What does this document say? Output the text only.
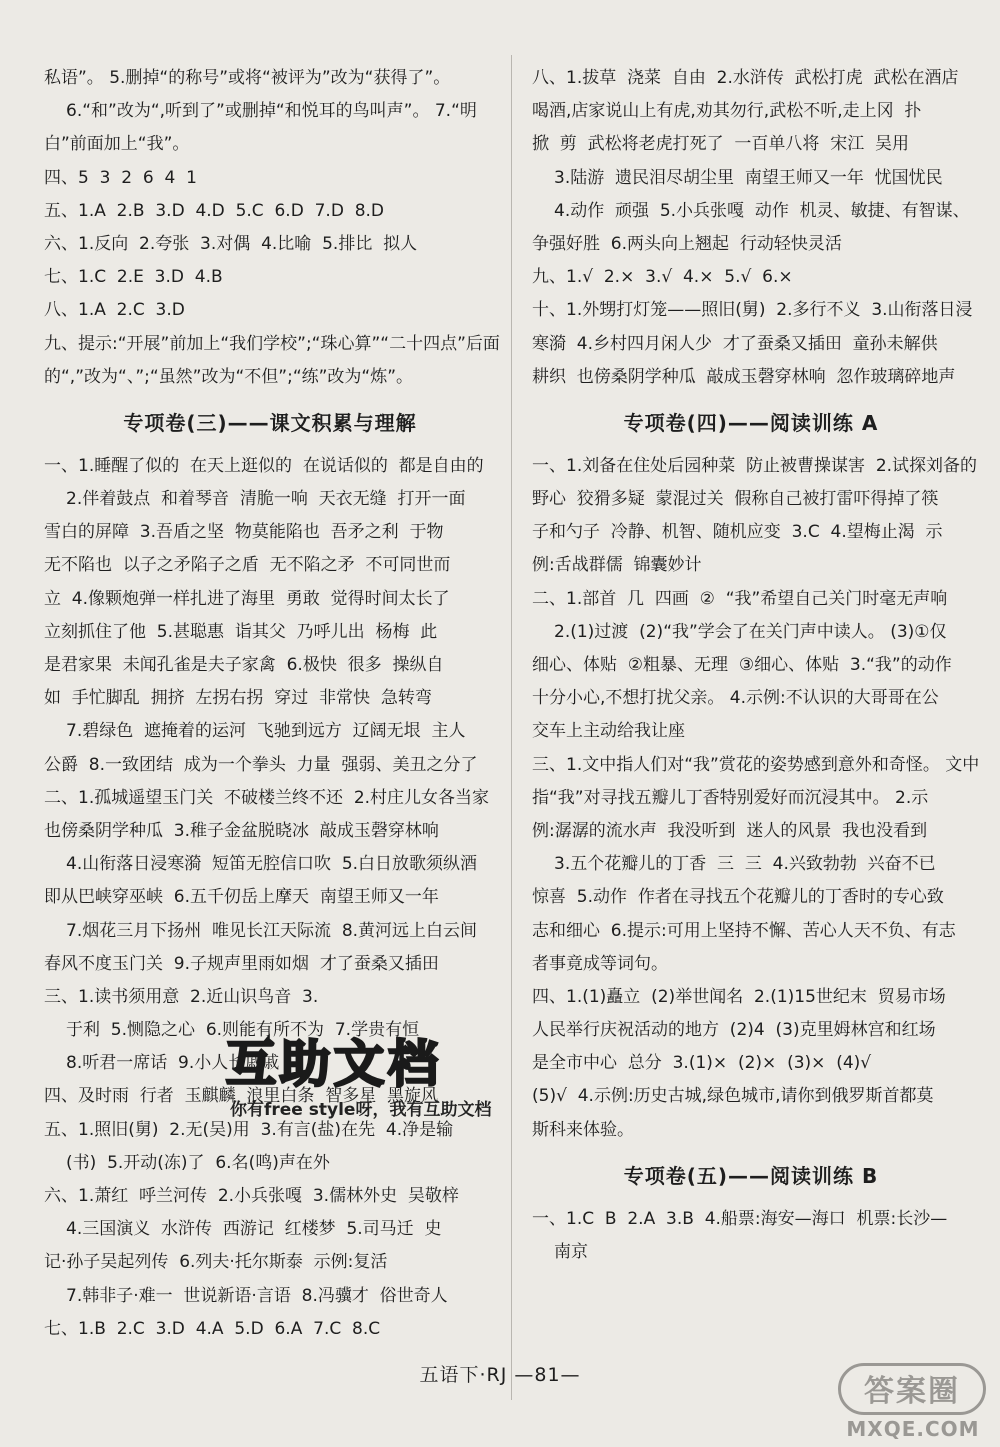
私语”。 5.删掉“的称号”或将“被评为”改为“获得了”。
6.“和”改为“,听到了”或删掉“和悦耳的鸟叫声”。 7.“明
白”前面加上“我”。
四、5  3  2  6  4  1
五、1.A  2.B  3.D  4.D  5.C  6.D  7.D  8.D
六、1.反向  2.夸张  3.对偶  4.比喻  5.排比  拟人
七、1.C  2.E  3.D  4.B
八、1.A  2.C  3.D
九、提示:“开展”前加上“我们学校”;“珠心算”“二十四点”后面
的“,”改为“、”;“虽然”改为“不但”;“练”改为“炼”。
专项卷(三)——课文积累与理解
一、1.睡醒了似的  在天上逛似的  在说话似的  都是自由的
2.伴着鼓点  和着琴音  清脆一响  天衣无缝  打开一面
雪白的屏障  3.吾盾之坚  物莫能陷也  吾矛之利  于物
无不陷也  以子之矛陷子之盾  无不陷之矛  不可同世而
立  4.像颗炮弹一样扎进了海里  勇敢  觉得时间太长了
立刻抓住了他  5.甚聪惠  诣其父  乃呼儿出  杨梅  此
是君家果  未闻孔雀是夫子家禽  6.极快  很多  操纵自
如  手忙脚乱  拥挤  左拐右拐  穿过  非常快  急转弯
7.碧绿色  遮掩着的运河  飞驰到远方  辽阔无垠  主人
公爵  8.一致团结  成为一个拳头  力量  强弱、美丑之分了
二、1.孤城遥望玉门关  不破楼兰终不还  2.村庄儿女各当家
也傍桑阴学种瓜  3.稚子金盆脱晓冰  敲成玉磬穿林响
4.山衔落日浸寒漪  短笛无腔信口吹  5.白日放歌须纵酒
即从巴峡穿巫峡  6.五千仞岳上摩天  南望王师又一年
7.烟花三月下扬州  唯见长江天际流  8.黄河远上白云间
春风不度玉门关  9.子规声里雨如烟  才了蚕桑又插田
三、1.读书须用意  2.近山识鸟音  3.
于利  5.恻隐之心  6.则能有所不为  7.学贵有恒
8.听君一席话  9.小人长戚戚
四、及时雨  行者  玉麒麟  浪里白条  智多星  黑旋风
五、1.照旧(舅)  2.无(吴)用  3.有言(盐)在先  4.净是输
(书)  5.开动(冻)了  6.名(鸣)声在外
六、1.萧红  呼兰河传  2.小兵张嘎  3.儒林外史  吴敬梓
4.三国演义  水浒传  西游记  红楼梦  5.司马迁  史
记·孙子吴起列传  6.列夫·托尔斯泰  示例:复活
7.韩非子·难一  世说新语·言语  8.冯骥才  俗世奇人
七、1.B  2.C  3.D  4.A  5.D  6.A  7.C  8.C
八、1.拔草  浇菜  自由  2.水浒传  武松打虎  武松在酒店
喝酒,店家说山上有虎,劝其勿行,武松不听,走上冈  扑
掀  剪  武松将老虎打死了  一百单八将  宋江  吴用
3.陆游  遗民泪尽胡尘里  南望王师又一年  忧国忧民
4.动作  顽强  5.小兵张嘎  动作  机灵、敏捷、有智谋、
争强好胜  6.两头向上翘起  行动轻快灵活
九、1.√  2.×  3.√  4.×  5.√  6.×
十、1.外甥打灯笼——照旧(舅)  2.多行不义  3.山衔落日浸
寒漪  4.乡村四月闲人少  才了蚕桑又插田  童孙未解供
耕织  也傍桑阴学种瓜  敲成玉磬穿林响  忽作玻璃碎地声
专项卷(四)——阅读训练 A
一、1.刘备在住处后园种菜  防止被曹操谋害  2.试探刘备的
野心  狡猾多疑  蒙混过关  假称自己被打雷吓得掉了筷
子和勺子  冷静、机智、随机应变  3.C  4.望梅止渴  示
例:舌战群儒  锦囊妙计
二、1.部首  几  四画  ②  “我”希望自己关门时毫无声响
2.(1)过渡  (2)“我”学会了在关门声中读人。 (3)①仅
细心、体贴  ②粗暴、无理  ③细心、体贴  3.“我”的动作
十分小心,不想打扰父亲。 4.示例:不认识的大哥哥在公
交车上主动给我让座
三、1.文中指人们对“我”赏花的姿势感到意外和奇怪。 文中
指“我”对寻找五瓣儿丁香特别爱好而沉浸其中。 2.示
例:潺潺的流水声  我没听到  迷人的风景  我也没看到
3.五个花瓣儿的丁香  三  三  4.兴致勃勃  兴奋不已
惊喜  5.动作  作者在寻找五个花瓣儿的丁香时的专心致
志和细心  6.提示:可用上坚持不懈、苦心人天不负、有志
者事竟成等词句。
四、1.(1)矗立  (2)举世闻名  2.(1)15世纪末  贸易市场
人民举行庆祝活动的地方  (2)4  (3)克里姆林宫和红场
是全市中心  总分  3.(1)×  (2)×  (3)×  (4)√
(5)√  4.示例:历史古城,绿色城市,请你到俄罗斯首都莫
斯科来体验。
专项卷(五)——阅读训练 B
一、1.C  B  2.A  3.B  4.船票:海安—海口  机票:长沙—
南京
互助文档
你有free style呀，我有互助文档
五语下·RJ —81—	答案圈
MXQE.COM
